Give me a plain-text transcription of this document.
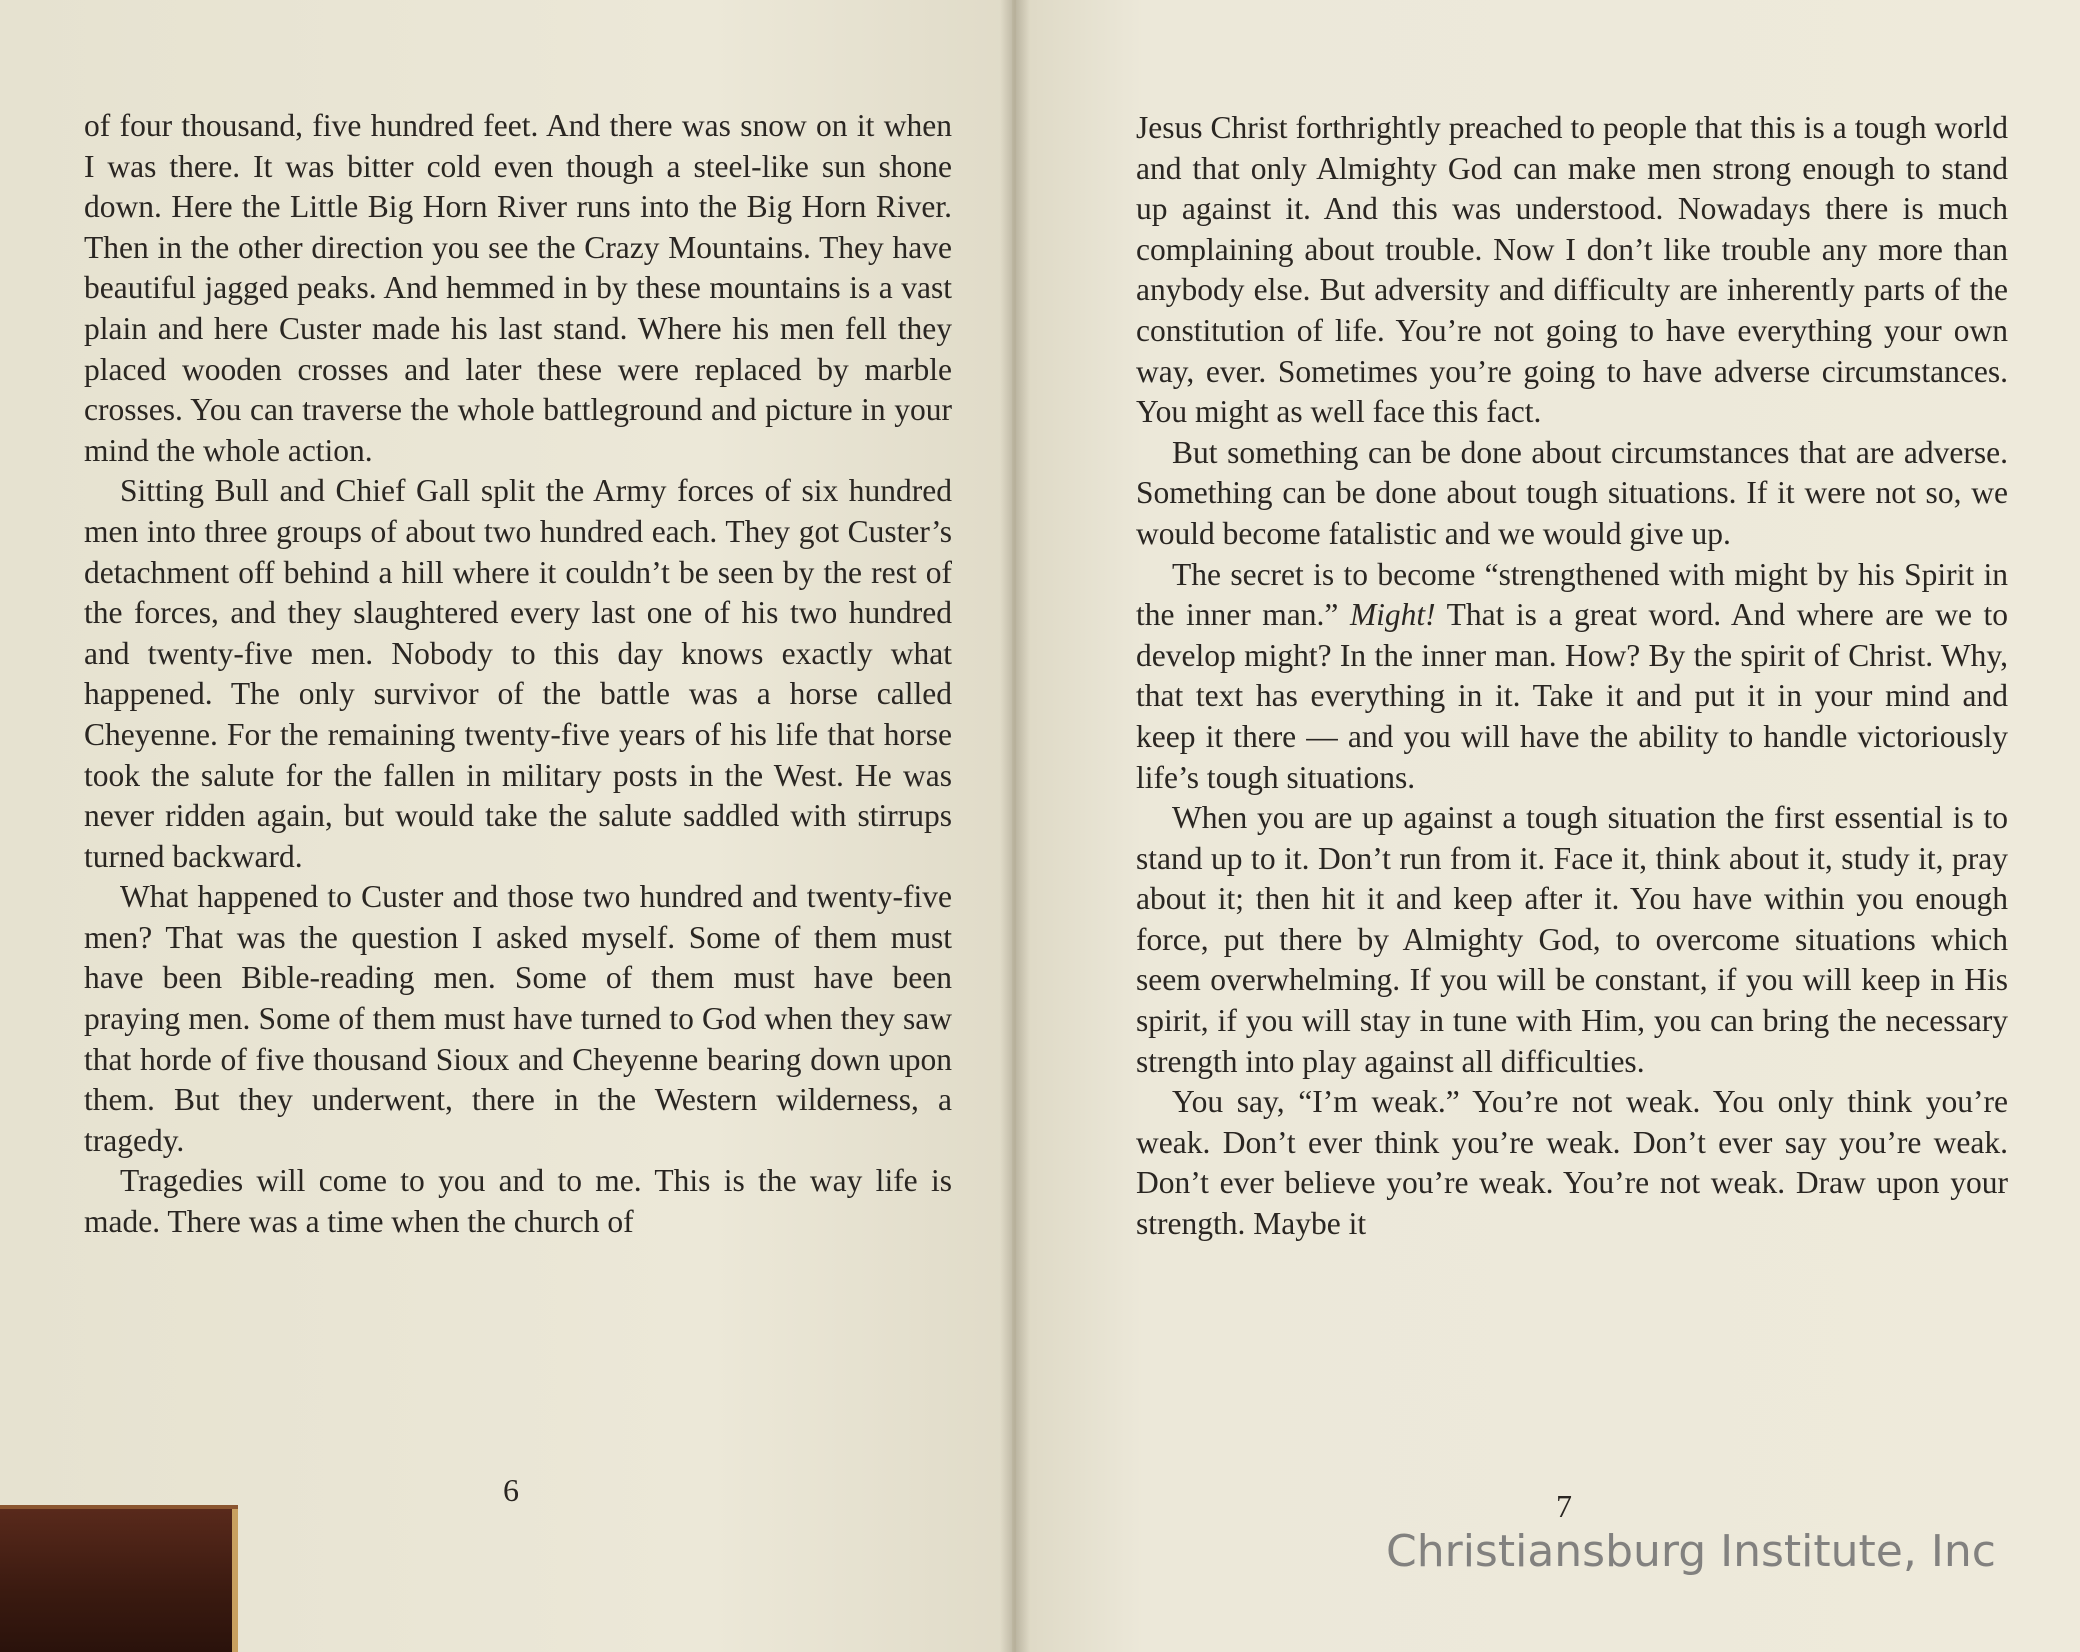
of four thousand, five hundred feet. And there was snow on it when I was there. It was bitter cold even though a steel-like sun shone down. Here the Little Big Horn River runs into the Big Horn River. Then in the other direction you see the Crazy Mountains. They have beautiful jagged peaks. And hemmed in by these mountains is a vast plain and here Custer made his last stand. Where his men fell they placed wooden crosses and later these were replaced by marble crosses. You can traverse the whole battleground and picture in your mind the whole action.

Sitting Bull and Chief Gall split the Army forces of six hundred men into three groups of about two hundred each. They got Custer’s detachment off behind a hill where it couldn’t be seen by the rest of the forces, and they slaughtered every last one of his two hundred and twenty-five men. Nobody to this day knows exactly what happened. The only survivor of the battle was a horse called Cheyenne. For the remaining twenty-five years of his life that horse took the salute for the fallen in military posts in the West. He was never ridden again, but would take the salute saddled with stirrups turned backward.

What happened to Custer and those two hundred and twenty-five men? That was the question I asked myself. Some of them must have been Bible-reading men. Some of them must have been praying men. Some of them must have turned to God when they saw that horde of five thousand Sioux and Cheyenne bearing down upon them. But they underwent, there in the Western wilderness, a tragedy.

Tragedies will come to you and to me. This is the way life is made. There was a time when the church of

6

Jesus Christ forthrightly preached to people that this is a tough world and that only Almighty God can make men strong enough to stand up against it. And this was understood. Nowadays there is much complaining about trouble. Now I don’t like trouble any more than anybody else. But adversity and difficulty are inherently parts of the constitution of life. You’re not going to have everything your own way, ever. Sometimes you’re going to have adverse circumstances. You might as well face this fact.

But something can be done about circumstances that are adverse. Something can be done about tough situations. If it were not so, we would become fatalistic and we would give up.

The secret is to become “strengthened with might by his Spirit in the inner man.” Might! That is a great word. And where are we to develop might? In the inner man. How? By the spirit of Christ. Why, that text has everything in it. Take it and put it in your mind and keep it there — and you will have the ability to handle victoriously life’s tough situations.

When you are up against a tough situation the first essential is to stand up to it. Don’t run from it. Face it, think about it, study it, pray about it; then hit it and keep after it. You have within you enough force, put there by Almighty God, to overcome situations which seem overwhelming. If you will be constant, if you will keep in His spirit, if you will stay in tune with Him, you can bring the necessary strength into play against all difficulties.

You say, “I’m weak.” You’re not weak. You only think you’re weak. Don’t ever think you’re weak. Don’t ever say you’re weak. Don’t ever believe you’re weak. You’re not weak. Draw upon your strength. Maybe it

7
Christiansburg Institute, Inc
